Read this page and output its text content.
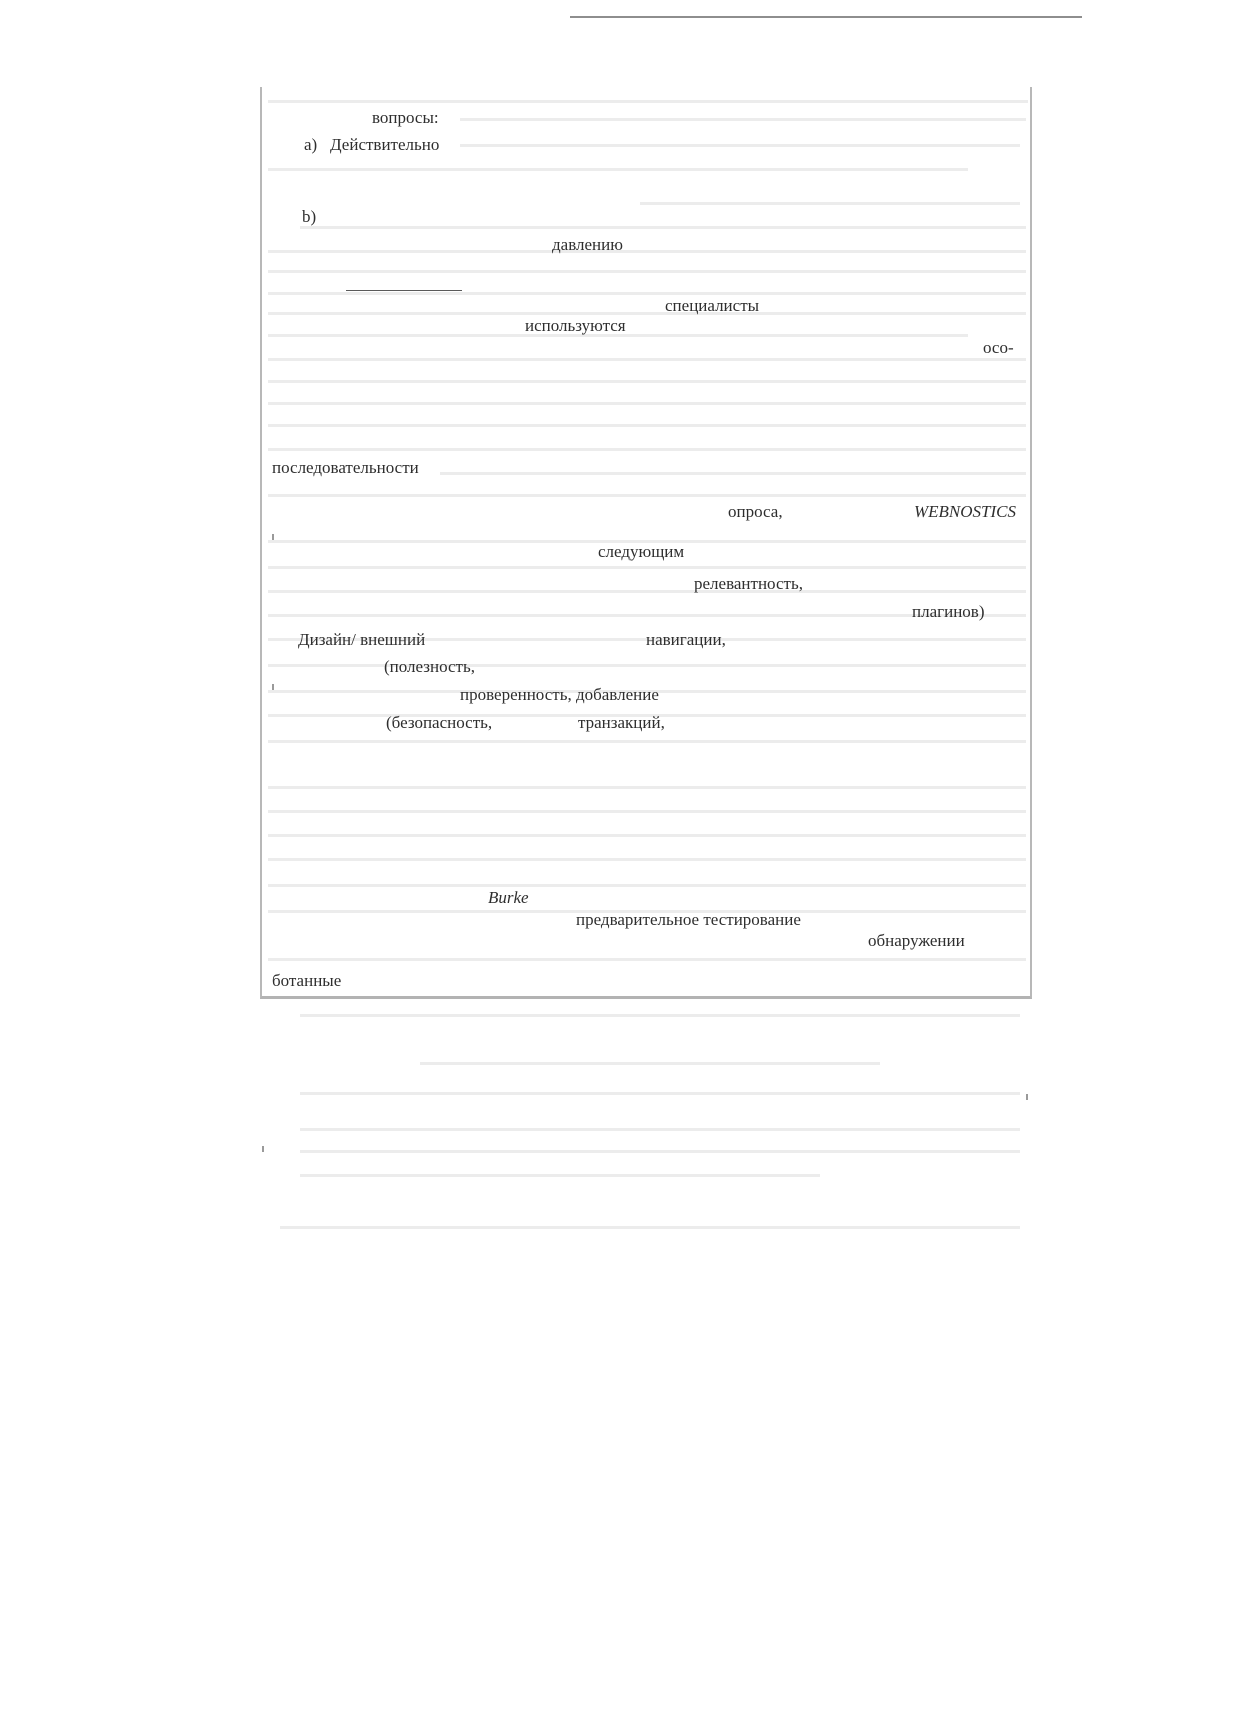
вопросы:
a) Действительно
b)
давлению
специалисты
используются
осо-
последовательности
опроса,	WEBNOSTICS
следующим
релевантность,
плагинов)
Дизайн/ внешний	навигации,
(полезность,
проверенность, добавление
(безопасность,	транзакций,
Burke
предварительное тестирование
обнаружении
ботанные
